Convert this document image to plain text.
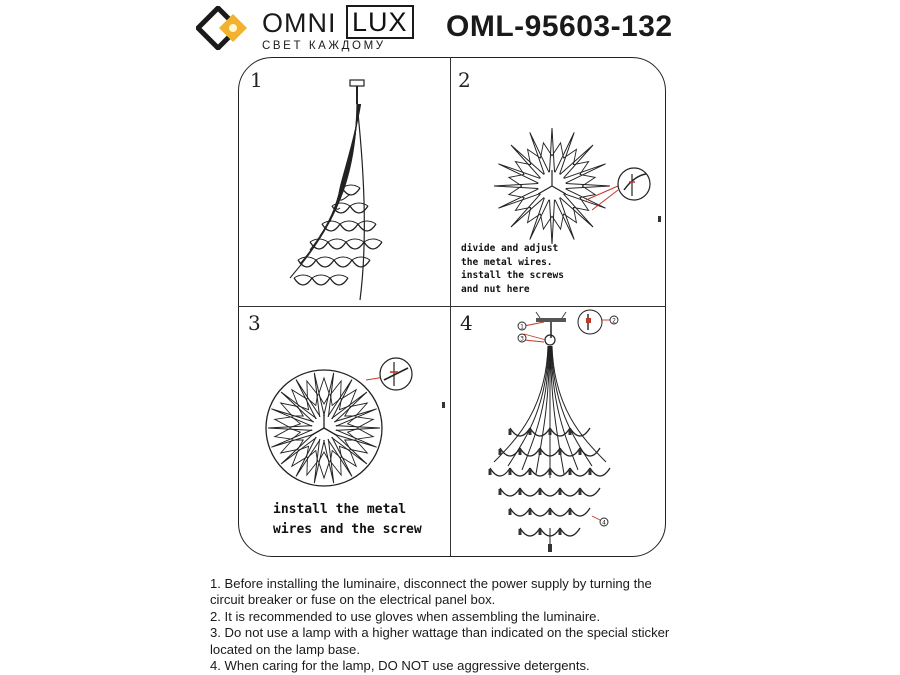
OMNI LUX
СВЕТ КАЖДОМУ
OML-95603-132
1	2
3	4
divide and adjust
the metal wires.
install the screws
and nut here
install the metal
wires and the screw
1
2
3
4
1. Before installing the luminaire, disconnect the power supply by turning the
circuit breaker or fuse on the electrical panel box.
2. It is recommended to use gloves when assembling the luminaire.
3. Do not use a lamp with a higher wattage than indicated on the special sticker
located on the lamp base.
4. When caring for the lamp, DO NOT use aggressive detergents.
